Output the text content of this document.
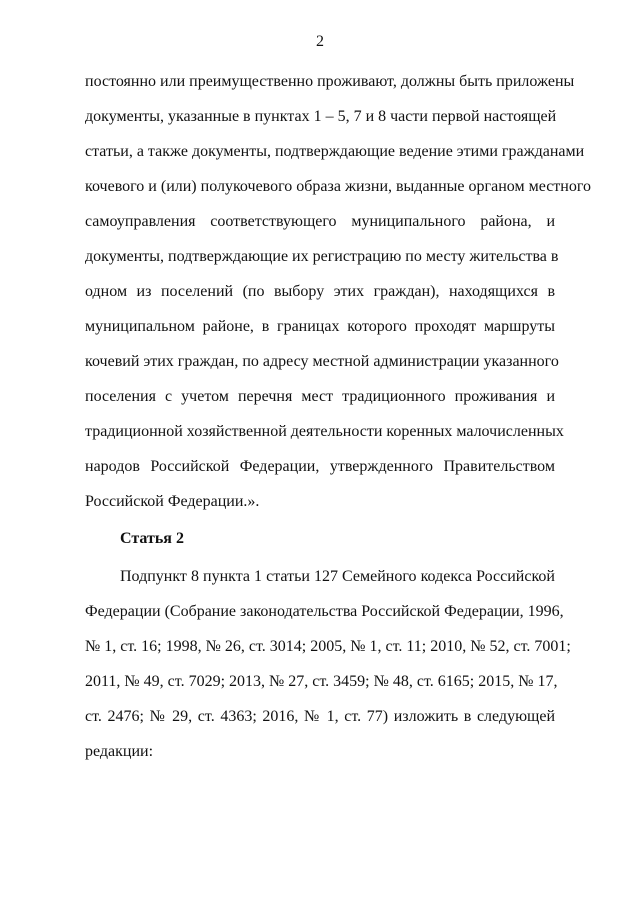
2
постоянно или преимущественно проживают, должны быть приложены
документы, указанные в пунктах 1 – 5, 7 и 8 части первой настоящей
статьи, а также документы, подтверждающие ведение этими гражданами
кочевого и (или) полукочевого образа жизни, выданные органом местного
самоуправления соответствующего муниципального района, и
документы, подтверждающие их регистрацию по месту жительства в
одном из поселений (по выбору этих граждан), находящихся в
муниципальном районе, в границах которого проходят маршруты
кочевий этих граждан, по адресу местной администрации указанного
поселения с учетом перечня мест традиционного проживания и
традиционной хозяйственной деятельности коренных малочисленных
народов Российской Федерации, утвержденного Правительством
Российской Федерации.».
Статья 2
Подпункт 8 пункта 1 статьи 127 Семейного кодекса Российской
Федерации (Собрание законодательства Российской Федерации, 1996,
№ 1, ст. 16; 1998, № 26, ст. 3014; 2005, № 1, ст. 11; 2010, № 52, ст. 7001;
2011, № 49, ст. 7029; 2013, № 27, ст. 3459; № 48, ст. 6165; 2015, № 17,
ст. 2476; № 29, ст. 4363; 2016, № 1, ст. 77) изложить в следующей
редакции:
